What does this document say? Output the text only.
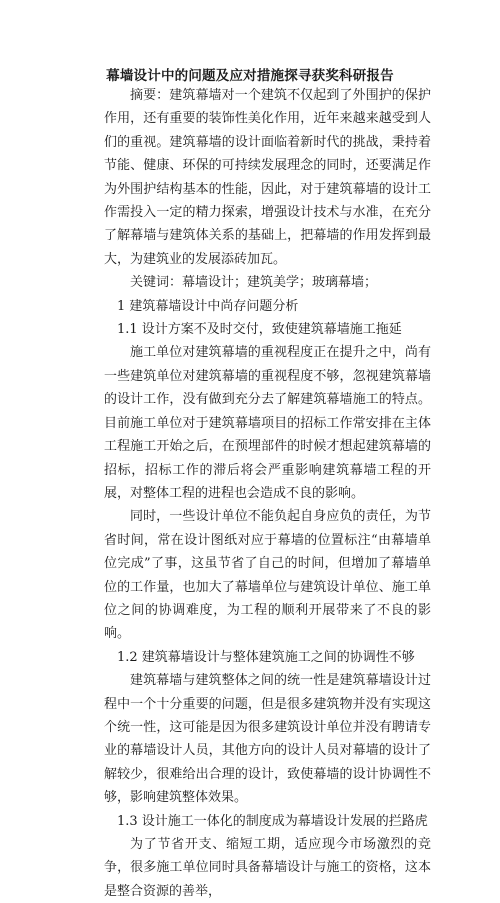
幕墙设计中的问题及应对措施探寻获奖科研报告

摘要：建筑幕墙对一个建筑不仅起到了外围护的保护作用，还有重要的装饰性美化作用，近年来越来越受到人们的重视。建筑幕墙的设计面临着新时代的挑战，秉持着节能、健康、环保的可持续发展理念的同时，还要满足作为外围护结构基本的性能，因此，对于建筑幕墙的设计工作需投入一定的精力探索，增强设计技术与水准，在充分了解幕墙与建筑体关系的基础上，把幕墙的作用发挥到最大，为建筑业的发展添砖加瓦。

关键词：幕墙设计；建筑美学；玻璃幕墙；

1 建筑幕墙设计中尚存问题分析

1.1 设计方案不及时交付，致使建筑幕墙施工拖延

施工单位对建筑幕墙的重视程度正在提升之中，尚有一些建筑单位对建筑幕墙的重视程度不够，忽视建筑幕墙的设计工作，没有做到充分去了解建筑幕墙施工的特点。目前施工单位对于建筑幕墙项目的招标工作常安排在主体工程施工开始之后，在预埋部件的时候才想起建筑幕墙的招标，招标工作的滞后将会严重影响建筑幕墙工程的开展，对整体工程的进程也会造成不良的影响。

同时，一些设计单位不能负起自身应负的责任，为节省时间，常在设计图纸对应于幕墙的位置标注“由幕墙单位完成”了事，这虽节省了自己的时间，但增加了幕墙单位的工作量，也加大了幕墙单位与建筑设计单位、施工单位之间的协调难度，为工程的顺利开展带来了不良的影响。

1.2 建筑幕墙设计与整体建筑施工之间的协调性不够

建筑幕墙与建筑整体之间的统一性是建筑幕墙设计过程中一个十分重要的问题，但是很多建筑物并没有实现这个统一性，这可能是因为很多建筑设计单位并没有聘请专业的幕墙设计人员，其他方向的设计人员对幕墙的设计了解较少，很难给出合理的设计，致使幕墙的设计协调性不够，影响建筑整体效果。

1.3 设计施工一体化的制度成为幕墙设计发展的拦路虎

为了节省开支、缩短工期，适应现今市场激烈的竞争，很多施工单位同时具备幕墙设计与施工的资格，这本是整合资源的善举，
